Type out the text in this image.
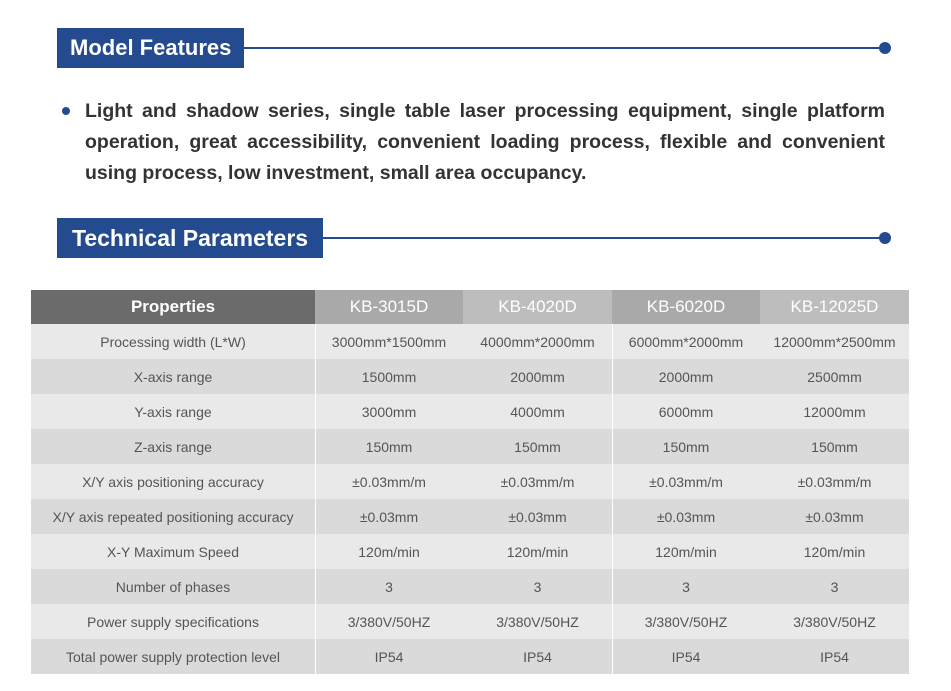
Model Features

Light and shadow series, single table laser processing equipment, single platform operation, great accessibility, convenient loading process, flexible and convenient using process, low investment, small area occupancy.

Technical Parameters
Properties	KB-3015D	KB-4020D	KB-6020D	KB-12025D
Processing width (L*W)	3000mm*1500mm	4000mm*2000mm	6000mm*2000mm	12000mm*2500mm
X-axis range	1500mm	2000mm	2000mm	2500mm
Y-axis range	3000mm	4000mm	6000mm	12000mm
Z-axis range	150mm	150mm	150mm	150mm
X/Y axis positioning accuracy	±0.03mm/m	±0.03mm/m	±0.03mm/m	±0.03mm/m
X/Y axis repeated positioning accuracy	±0.03mm	±0.03mm	±0.03mm	±0.03mm
X-Y Maximum Speed	120m/min	120m/min	120m/min	120m/min
Number of phases	3	3	3	3
Power supply specifications	3/380V/50HZ	3/380V/50HZ	3/380V/50HZ	3/380V/50HZ
Total power supply protection level	IP54	IP54	IP54	IP54
